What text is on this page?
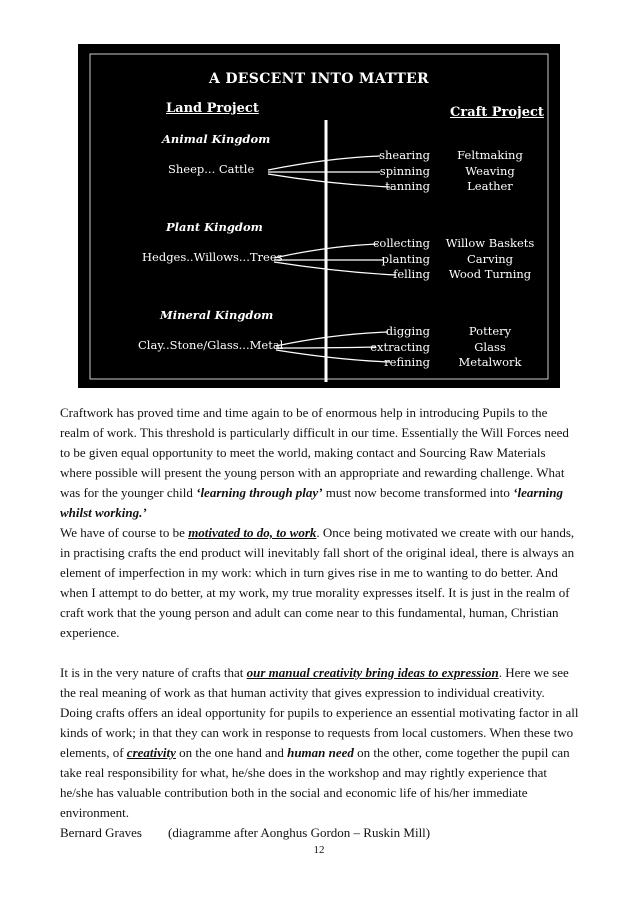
A DESCENT INTO MATTER
Land Project	Craft Project
Animal Kingdom
Sheep... Cattle
shearing
spinning
tanning
Feltmaking
Weaving
Leather
Plant Kingdom
Hedges..Willows...Trees
collecting
planting
felling
Willow Baskets
Carving
Wood Turning
Mineral Kingdom
Clay..Stone/Glass...Metal
digging
extracting
refining
Pottery
Glass
Metalwork

Craftwork has proved time and time again to be of enormous help in introducing Pupils to the realm of work. This threshold is particularly difficult in our time. Essentially the Will Forces need to be given equal opportunity to meet the world, making contact and Sourcing Raw Materials where possible will present the young person with an appropriate and rewarding challenge. What was for the younger child ‘learning through play’ must now become transformed into ‘learning whilst working.’

We have of course to be motivated to do, to work. Once being motivated we create with our hands, in practising crafts the end product will inevitably fall short of the original ideal, there is always an element of imperfection in my work: which in turn gives rise in me to wanting to do better. And when I attempt to do better, at my work, my true morality expresses itself. It is just in the realm of craft work that the young person and adult can come near to this fundamental, human, Christian experience.

It is in the very nature of crafts that our manual creativity bring ideas to expression. Here we see the real meaning of work as that human activity that gives expression to individual creativity. Doing crafts offers an ideal opportunity for pupils to experience an essential motivating factor in all kinds of work; in that they can work in response to requests from local customers. When these two elements, of creativity on the one hand and human need on the other, come together the pupil can take real responsibility for what, he/she does in the workshop and may rightly experience that he/she has valuable contribution both in the social and economic life of his/her immediate environment.

Bernard Graves (diagramme after Aonghus Gordon – Ruskin Mill)

12
